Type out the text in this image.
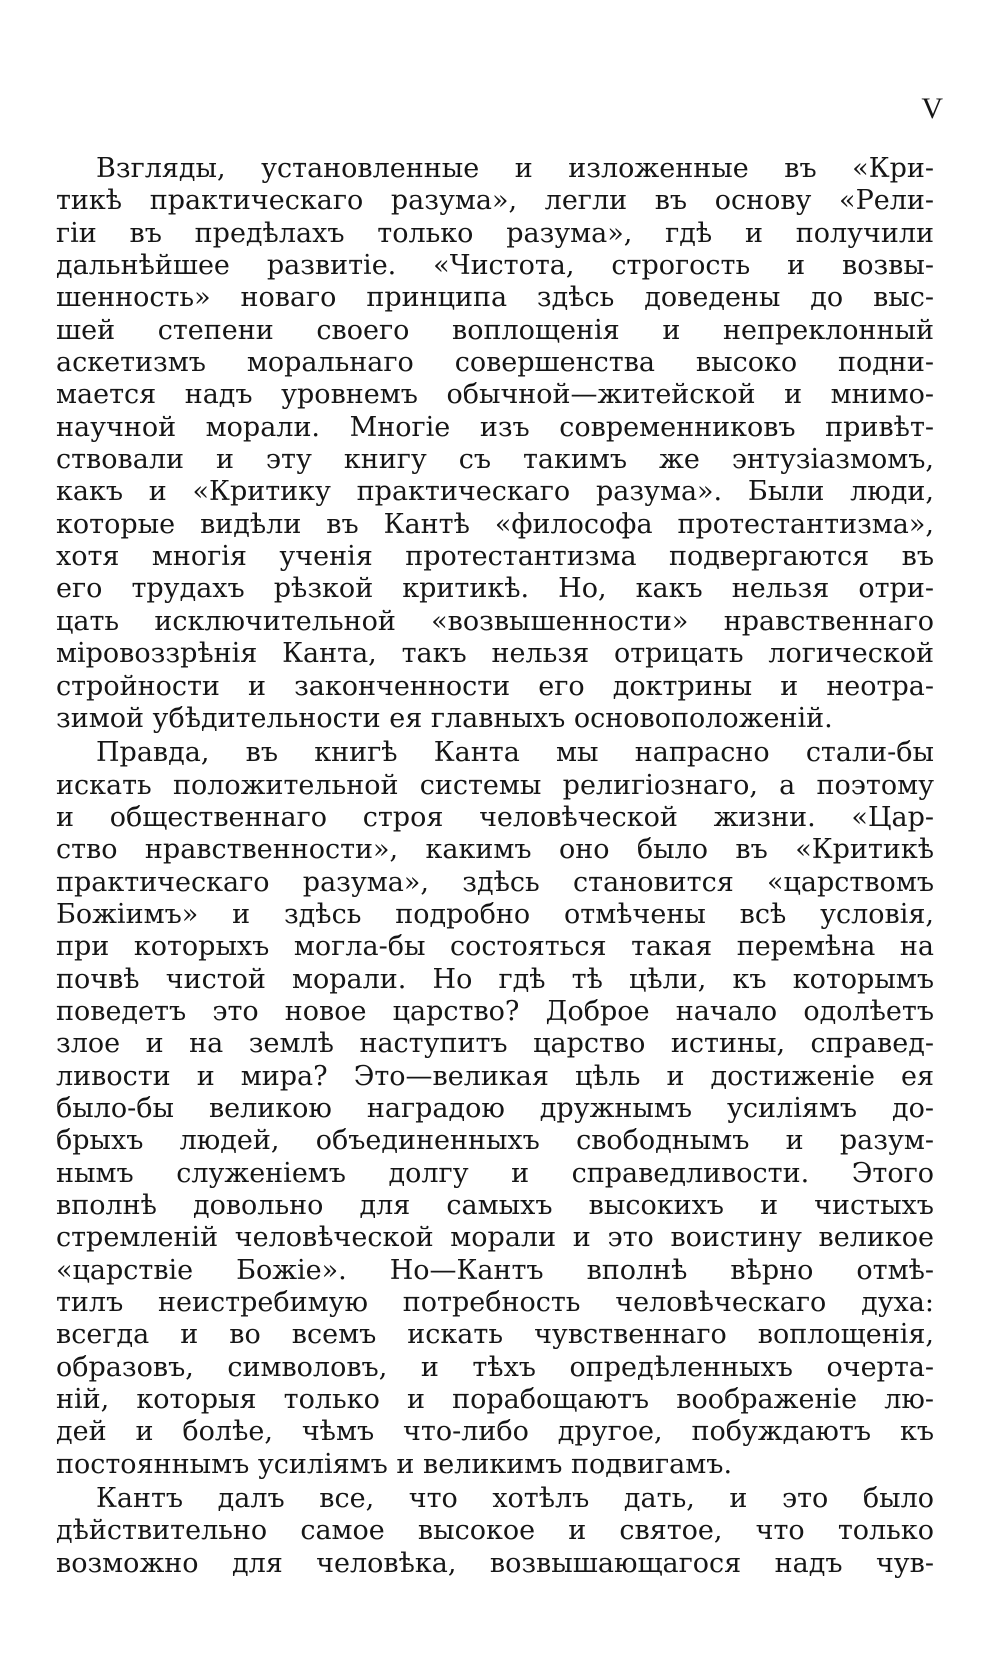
V
Взгляды, установленные и изложенные въ «Кри-
тикѣ практическаго разума», легли въ основу «Рели-
гіи въ предѣлахъ только разума», гдѣ и получили
дальнѣйшее развитіе. «Чистота, строгость и возвы-
шенность» новаго принципа здѣсь доведены до выс-
шей степени своего воплощенія и непреклонный
аскетизмъ моральнаго совершенства высоко подни-
мается надъ уровнемъ обычной—житейской и мнимо-
научной морали. Многіе изъ современниковъ привѣт-
ствовали и эту книгу съ такимъ же энтузіазмомъ,
какъ и «Критику практическаго разума». Были люди,
которые видѣли въ Кантѣ «философа протестантизма»,
хотя многія ученія протестантизма подвергаются въ
его трудахъ рѣзкой критикѣ. Но, какъ нельзя отри-
цать исключительной «возвышенности» нравственнаго
міровоззрѣнія Канта, такъ нельзя отрицать логической
стройности и законченности его доктрины и неотра-
зимой убѣдительности ея главныхъ основоположеній.
Правда, въ книгѣ Канта мы напрасно стали-бы
искать положительной системы религіознаго, а поэтому
и общественнаго строя человѣческой жизни. «Цар-
ство нравственности», какимъ оно было въ «Критикѣ
практическаго разума», здѣсь становится «царствомъ
Божіимъ» и здѣсь подробно отмѣчены всѣ условія,
при которыхъ могла-бы состояться такая перемѣна на
почвѣ чистой морали. Но гдѣ тѣ цѣли, къ которымъ
поведетъ это новое царство? Доброе начало одолѣетъ
злое и на землѣ наступитъ царство истины, справед-
ливости и мира? Это—великая цѣль и достиженіе ея
было-бы великою наградою дружнымъ усиліямъ до-
брыхъ людей, объединенныхъ свободнымъ и разум-
нымъ служеніемъ долгу и справедливости. Этого
вполнѣ довольно для самыхъ высокихъ и чистыхъ
стремленій человѣческой морали и это воистину великое
«царствіе Божіе». Но—Кантъ вполнѣ вѣрно отмѣ-
тилъ неистребимую потребность человѣческаго духа:
всегда и во всемъ искать чувственнаго воплощенія,
образовъ, символовъ, и тѣхъ опредѣленныхъ очерта-
ній, которыя только и порабощаютъ воображеніе лю-
дей и болѣе, чѣмъ что-либо другое, побуждаютъ къ
постояннымъ усиліямъ и великимъ подвигамъ.
Кантъ далъ все, что хотѣлъ дать, и это было
дѣйствительно самое высокое и святое, что только
возможно для человѣка, возвышающагося надъ чув-
